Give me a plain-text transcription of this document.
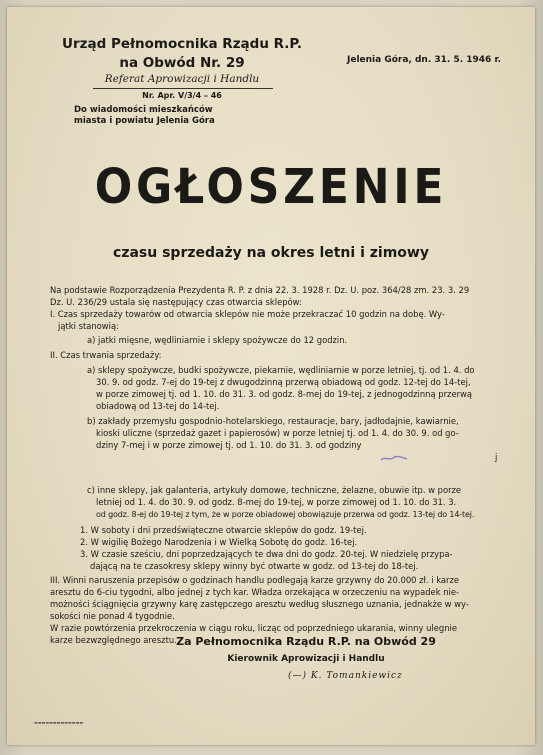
Urząd Pełnomocnika Rządu R.P.
na Obwód Nr. 29
Referat Aprowizacji i Handlu
Nr. Apr. V/3/4 – 46
Do wiadomości mieszkańców
miasta i powiatu Jelenia Góra
Jelenia Góra, dn. 31. 5. 1946 r.
OGŁOSZENIE
czasu sprzedaży na okres letni i zimowy
Na podstawie Rozporządzenia Prezydenta R. P. z dnia 22. 3. 1928 r. Dz. U. poz. 364/28 zm. 23. 3. 29
Dz. U. 236/29 ustala się następujący czas otwarcia sklepów:
I. Czas sprzedaży towarów od otwarcia sklepów nie może przekraczać 10 godzin na dobę. Wy-
jątki stanowią:
a) jatki mięsne, wędliniarnie i sklepy spożywcze do 12 godzin.
II. Czas trwania sprzedaży:
a) sklepy spożywcze, budki spożywcze, piekarnie, wędliniarnie w porze letniej, tj. od 1. 4. do
30. 9. od godz. 7-ej do 19-tej z dwugodzinną przerwą obiadową od godz. 12-tej do 14-tej,
w porze zimowej tj. od 1. 10. do 31. 3. od godz. 8-mej do 19-tej, z jednogodzinną przerwą
obiadową od 13-tej do 14-tej.
b) zakłady przemysłu gospodnio-hotelarskiego, restauracje, bary, jadłodajnie, kawiarnie,
kioski uliczne (sprzedaż gazet i papierosów) w porze letniej tj. od 1. 4. do 30. 9. od go-
dziny 7-mej i w porze zimowej tj. od 1. 10. do 31. 3. od godziny
j
c) inne sklepy, jak galanteria, artykuły domowe, techniczne, żelazne, obuwie itp. w porze
letniej od 1. 4. do 30. 9. od godz. 8-mej do 19-tej, w porze zimowej od 1. 10. do 31. 3.
od godz. 8-ej do 19-tej z tym, że w porze obiadowej obowiązuje przerwa od godz. 13-tej do 14-tej.
1. W soboty i dni przedświąteczne otwarcie sklepów do godz. 19-tej.
2. W wigilię Bożego Narodzenia i w Wielką Sobotę do godz. 16-tej.
3. W czasie sześciu, dni poprzedzających te dwa dni do godz. 20-tej. W niedzielę przypa-
dającą na te czasokresy sklepy winny być otwarte w godz. od 13-tej do 18-tej.
III. Winni naruszenia przepisów o godzinach handlu podlegają karze grzywny do 20.000 zł. i karze
aresztu do 6-ciu tygodni, albo jednej z tych kar. Władza orzekająca w orzeczeniu na wypadek nie-
możności ściągnięcia grzywny karę zastępczego aresztu według słusznego uznania, jednakże w wy-
sokości nie ponad 4 tygodnie.
W razie powtórzenia przekroczenia w ciągu roku, licząc od poprzedniego ukarania, winny ulegnie
karze bezwzględnego aresztu. Za Pełnomocnika Rządu R.P. na Obwód 29
Kierownik Aprowizacji i Handlu
(—) K. Tomankiewicz
▬▬▬▬▬▬▬▬▬▬▬▬▬
